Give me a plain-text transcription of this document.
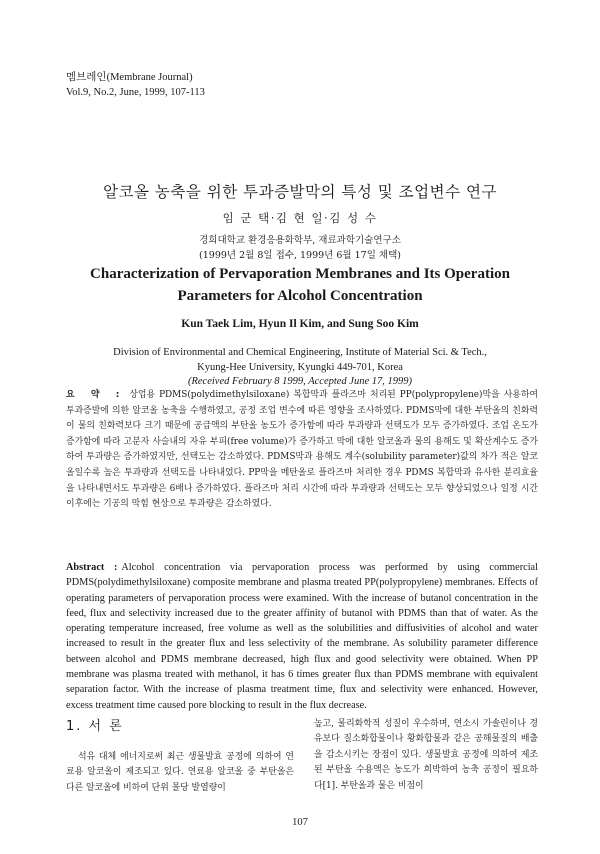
멤브레인(Membrane Journal)
Vol.9, No.2, June, 1999, 107-113
알코올 농축을 위한 투과증발막의 특성 및 조업변수 연구
임 군 택·김 현 일·김 성 수
경희대학교 환경응용화학부, 재료과학기술연구소
(1999년 2월 8일 접수, 1999년 6월 17일 채택)
Characterization of Pervaporation Membranes and Its Operation
Parameters for Alcohol Concentration
Kun Taek Lim, Hyun Il Kim, and Sung Soo Kim
Division of Environmental and Chemical Engineering, Institute of Material Sci. & Tech.,
Kyung-Hee University, Kyungki 449-701, Korea
(Received February 8 1999, Accepted June 17, 1999)
요 약 : 상업용 PDMS(polydimethylsiloxane) 복합막과 플라즈마 처리된 PP(polypropylene)막을 사용하여 투과증발에 의한 알코올 농축을 수행하였고, 공정 조업 변수에 따른 영향을 조사하였다. PDMS막에 대한 부탄올의 친화력이 물의 친화력보다 크기 때문에 공급액의 부탄올 농도가 증가함에 따라 투과량과 선택도가 모두 증가하였다. 조업 온도가 증가함에 따라 고분자 사슬내의 자유 부피(free volume)가 증가하고 막에 대한 알코올과 물의 용해도 및 확산계수도 증가하여 투과량은 증가하였지만, 선택도는 감소하였다. PDMS막과 용해도 계수(solubility parameter)값의 차가 적은 알코올일수록 높은 투과량과 선택도를 나타내었다. PP막을 메탄올로 플라즈마 처리한 경우 PDMS 복합막과 유사한 분리효율을 나타내면서도 투과량은 6배나 증가하였다. 플라즈마 처리 시간에 따라 투과량과 선택도는 모두 향상되었으나 일정 시간 이후에는 기공의 막힘 현상으로 투과량은 감소하였다.
Abstract : Alcohol concentration via pervaporation process was performed by using commercial PDMS(polydimethylsiloxane) composite membrane and plasma treated PP(polypropylene) membranes. Effects of operating parameters of pervaporation process were examined. With the increase of butanol concentration in the feed, flux and selectivity increased due to the greater affinity of butanol with PDMS than that of water. As the operating temperature increased, free volume as well as the solubilities and diffusivities of alcohol and water increased to result in the greater flux and less selectivity of the membrane. As solubility parameter difference between alcohol and PDMS membrane decreased, high flux and good selectivity were obtained. When PP membrane was plasma treated with methanol, it has 6 times greater flux than PDMS membrane with equivalent separation factor. With the increase of plasma treatment time, flux and selectivity were enhanced. However, excess treatment time caused pore blocking to result in the flux decrease.
1. 서 론
석유 대체 에너지로써 최근 생물발효 공정에 의하여 연료용 알코올이 제조되고 있다. 연료용 알코올 중 부탄올은 다른 알코올에 비하여 단위 몰당 발열량이
높고, 물리화학적 성질이 우수하며, 연소시 가솔린이나 경유보다 질소화합물이나 황화합물과 같은 공해물질의 배출을 감소시키는 장점이 있다. 생물발효 공정에 의하여 제조된 부탄올 수용액은 농도가 희박하여 농축 공정이 필요하다[1]. 부탄올과 물은 비점이
107
